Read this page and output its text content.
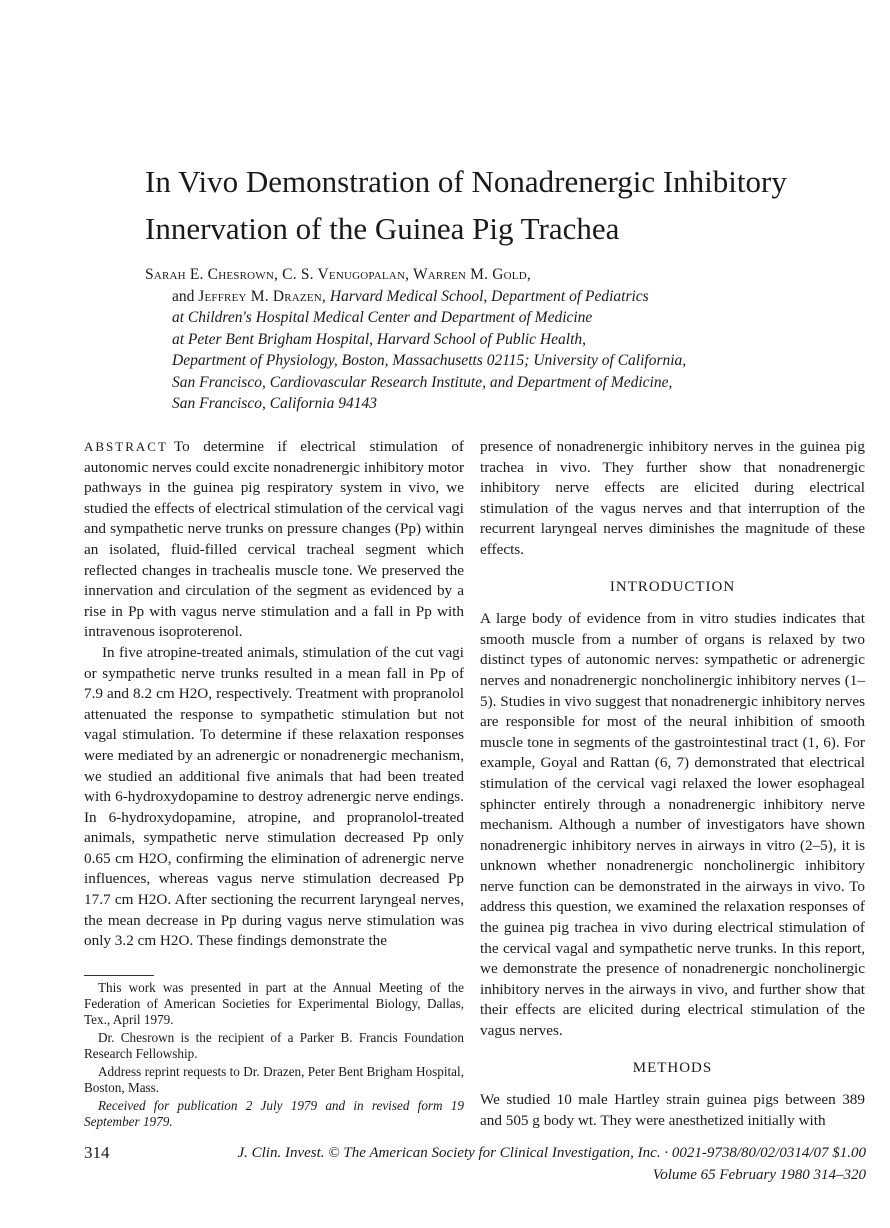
In Vivo Demonstration of Nonadrenergic Inhibitory
Innervation of the Guinea Pig Trachea
Sarah E. Chesrown, C. S. Venugopalan, Warren M. Gold,
and Jeffrey M. Drazen, Harvard Medical School, Department of Pediatrics
at Children's Hospital Medical Center and Department of Medicine
at Peter Bent Brigham Hospital, Harvard School of Public Health,
Department of Physiology, Boston, Massachusetts 02115; University of California,
San Francisco, Cardiovascular Research Institute, and Department of Medicine,
San Francisco, California 94143

ABSTRACT To determine if electrical stimulation of autonomic nerves could excite nonadrenergic inhibitory motor pathways in the guinea pig respiratory system in vivo, we studied the effects of electrical stimulation of the cervical vagi and sympathetic nerve trunks on pressure changes (Pp) within an isolated, fluid-filled cervical tracheal segment which reflected changes in trachealis muscle tone. We preserved the innervation and circulation of the segment as evidenced by a rise in Pp with vagus nerve stimulation and a fall in Pp with intravenous isoproterenol.

In five atropine-treated animals, stimulation of the cut vagi or sympathetic nerve trunks resulted in a mean fall in Pp of 7.9 and 8.2 cm H2O, respectively. Treatment with propranolol attenuated the response to sympathetic stimulation but not vagal stimulation. To determine if these relaxation responses were mediated by an adrenergic or nonadrenergic mechanism, we studied an additional five animals that had been treated with 6-hydroxydopamine to destroy adrenergic nerve endings. In 6-hydroxydopamine, atropine, and propranolol-treated animals, sympathetic nerve stimulation decreased Pp only 0.65 cm H2O, confirming the elimination of adrenergic nerve influences, whereas vagus nerve stimulation decreased Pp 17.7 cm H2O. After sectioning the recurrent laryngeal nerves, the mean decrease in Pp during vagus nerve stimulation was only 3.2 cm H2O. These findings demonstrate the

presence of nonadrenergic inhibitory nerves in the guinea pig trachea in vivo. They further show that nonadrenergic inhibitory nerve effects are elicited during electrical stimulation of the vagus nerves and that interruption of the recurrent laryngeal nerves diminishes the magnitude of these effects.

INTRODUCTION

A large body of evidence from in vitro studies indicates that smooth muscle from a number of organs is relaxed by two distinct types of autonomic nerves: sympathetic or adrenergic nerves and nonadrenergic noncholinergic inhibitory nerves (1–5). Studies in vivo suggest that nonadrenergic inhibitory nerves are responsible for most of the neural inhibition of smooth muscle tone in segments of the gastrointestinal tract (1, 6). For example, Goyal and Rattan (6, 7) demonstrated that electrical stimulation of the cervical vagi relaxed the lower esophageal sphincter entirely through a nonadrenergic inhibitory nerve mechanism. Although a number of investigators have shown nonadrenergic inhibitory nerves in airways in vitro (2–5), it is unknown whether nonadrenergic noncholinergic inhibitory nerve function can be demonstrated in the airways in vivo. To address this question, we examined the relaxation responses of the guinea pig trachea in vivo during electrical stimulation of the cervical vagal and sympathetic nerve trunks. In this report, we demonstrate the presence of nonadrenergic noncholinergic inhibitory nerves in the airways in vivo, and further show that their effects are elicited during electrical stimulation of the vagus nerves.

METHODS

We studied 10 male Hartley strain guinea pigs between 389 and 505 g body wt. They were anesthetized initially with

This work was presented in part at the Annual Meeting of the Federation of American Societies for Experimental Biology, Dallas, Tex., April 1979.

Dr. Chesrown is the recipient of a Parker B. Francis Foundation Research Fellowship.

Address reprint requests to Dr. Drazen, Peter Bent Brigham Hospital, Boston, Mass.

Received for publication 2 July 1979 and in revised form 19 September 1979.

314	J. Clin. Invest. © The American Society for Clinical Investigation, Inc. · 0021-9738/80/02/0314/07 $1.00
Volume 65 February 1980 314–320
